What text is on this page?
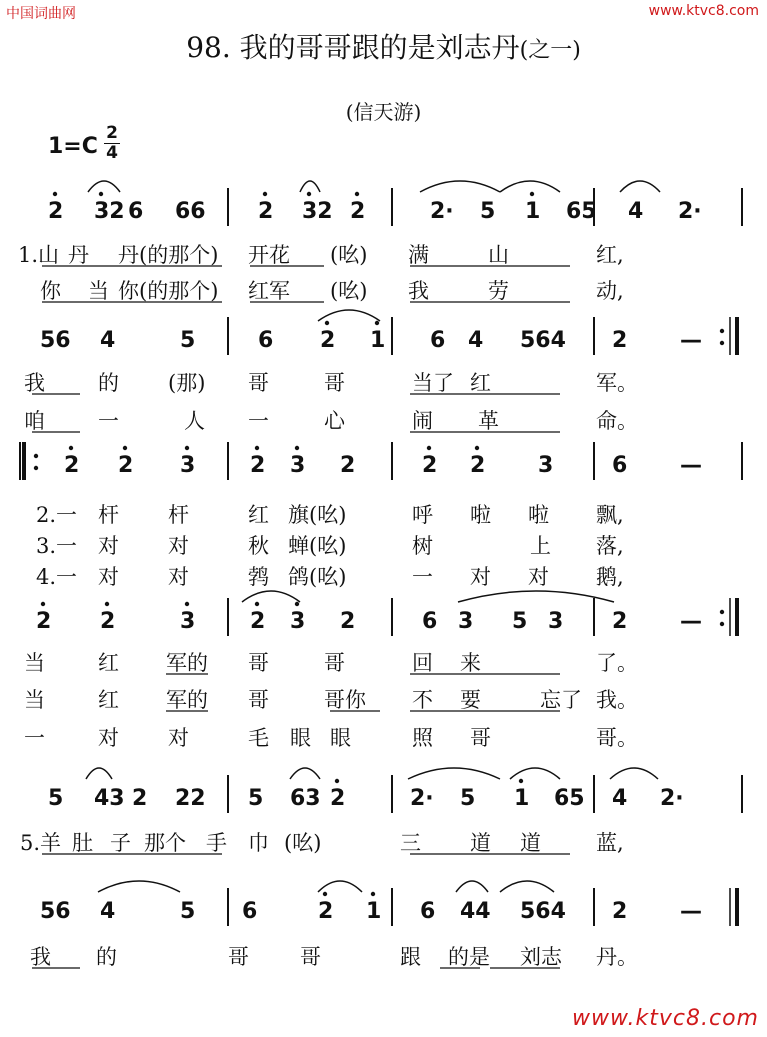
中国词曲网	www.ktvc8.com
www.ktvc8.com
98. 我的哥哥跟的是刘志丹(之一)
(信天游)
$1=C \frac{2}{4}$
2 32 6 66 2 32 2	2· 5 1 65 4 2·
1.山 丹 丹(的那个) 开花 (吆) 满	山	红,
你 当 你(的那个) 红军 (吆) 我	劳	动,
56 4	5	6 2 1 6 4 564 2 —
我	的 (那) 哥	哥	当了 红	军。
咱	一	人 一	心	闹 革	命。
2 2 3 2 3 2	2 2 3	6 —
2.一 杆 杆	红 旗(吆)	呼 啦 啦 飘,
3.一 对 对	秋 蝉(吆)	树	上 落,
4.一 对 对	鹁 鸽(吆)	一 对 对 鹅,
2 2	3 2 3 2	6 3 5 3 2 —
当	红 军的 哥	哥	回 来	了。
当	红 军的 哥	哥你 不 要	忘了 我。
一	对 对	毛 眼 眼	照 哥	哥。
5 43 2 22 5 63 2	2· 5 1 65 4 2·
5.羊 肚 子 那个 手 巾 (吆)	三 道 道	蓝,
56 4	5 6	2 1 6 44 564 2 —
我 的	哥 哥	跟 的是 刘志 丹。
